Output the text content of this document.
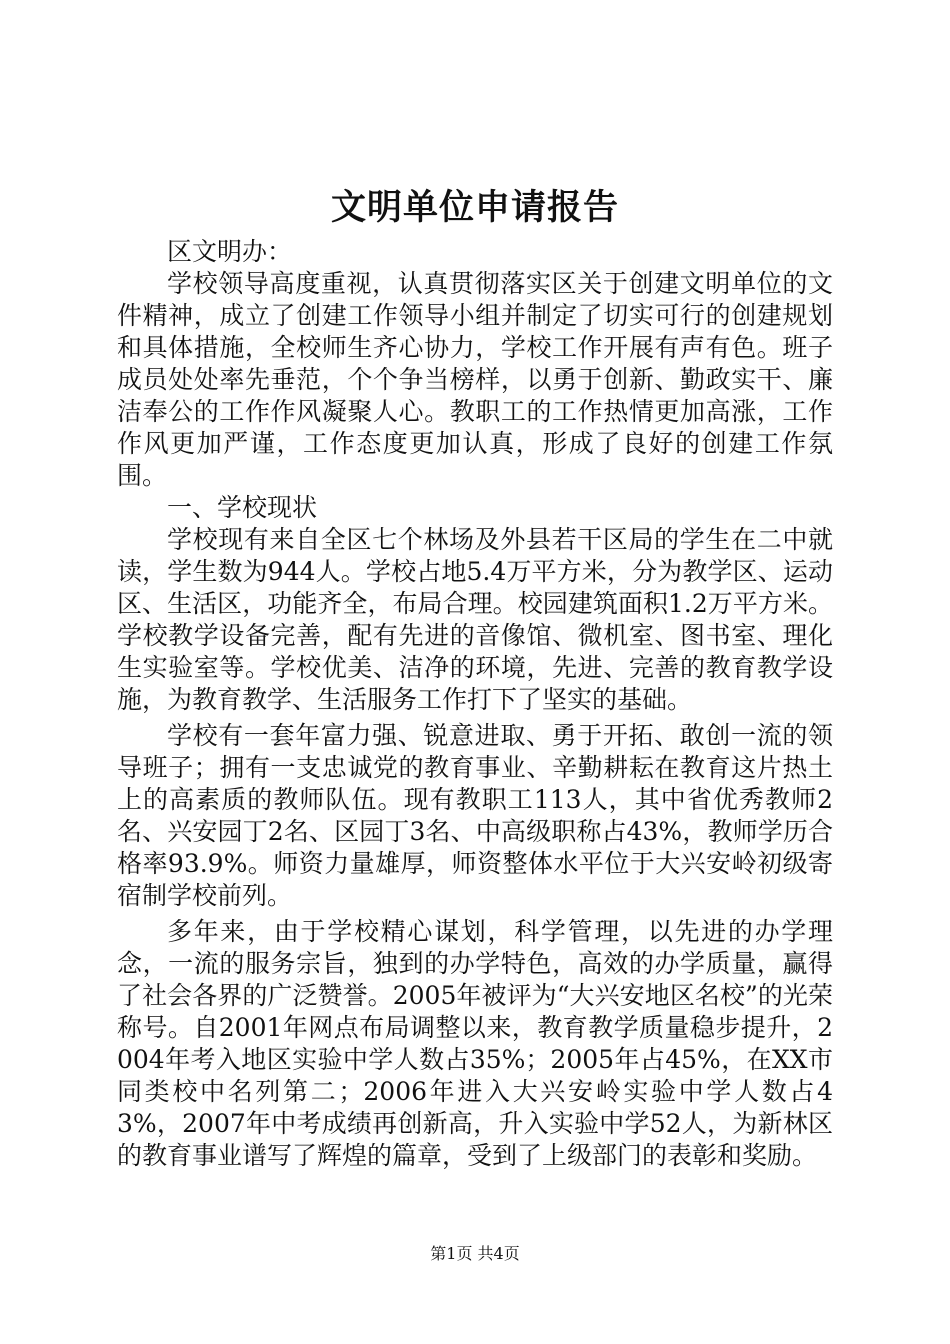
文明单位申请报告

区文明办：

学校领导高度重视，认真贯彻落实区关于创建文明单位的文件精神，成立了创建工作领导小组并制定了切实可行的创建规划和具体措施，全校师生齐心协力，学校工作开展有声有色。班子成员处处率先垂范，个个争当榜样，以勇于创新、勤政实干、廉洁奉公的工作作风凝聚人心。教职工的工作热情更加高涨，工作作风更加严谨，工作态度更加认真，形成了良好的创建工作氛围。

一、学校现状

学校现有来自全区七个林场及外县若干区局的学生在二中就读，学生数为944人。学校占地5.4万平方米，分为教学区、运动区、生活区，功能齐全，布局合理。校园建筑面积1.2万平方米。学校教学设备完善，配有先进的音像馆、微机室、图书室、理化生实验室等。学校优美、洁净的环境，先进、完善的教育教学设施，为教育教学、生活服务工作打下了坚实的基础。

学校有一套年富力强、锐意进取、勇于开拓、敢创一流的领导班子；拥有一支忠诚党的教育事业、辛勤耕耘在教育这片热土上的高素质的教师队伍。现有教职工113人，其中省优秀教师2名、兴安园丁2名、区园丁3名、中高级职称占43%，教师学历合格率93.9%。师资力量雄厚，师资整体水平位于大兴安岭初级寄宿制学校前列。

多年来，由于学校精心谋划，科学管理，以先进的办学理念，一流的服务宗旨，独到的办学特色，高效的办学质量，赢得了社会各界的广泛赞誉。2005年被评为“大兴安地区名校”的光荣称号。自2001年网点布局调整以来，教育教学质量稳步提升，2004年考入地区实验中学人数占35%；2005年占45%，在XX市同类校中名列第二；2006年进入大兴安岭实验中学人数占43%，2007年中考成绩再创新高，升入实验中学52人，为新林区的教育事业谱写了辉煌的篇章，受到了上级部门的表彰和奖励。

第1页 共4页
